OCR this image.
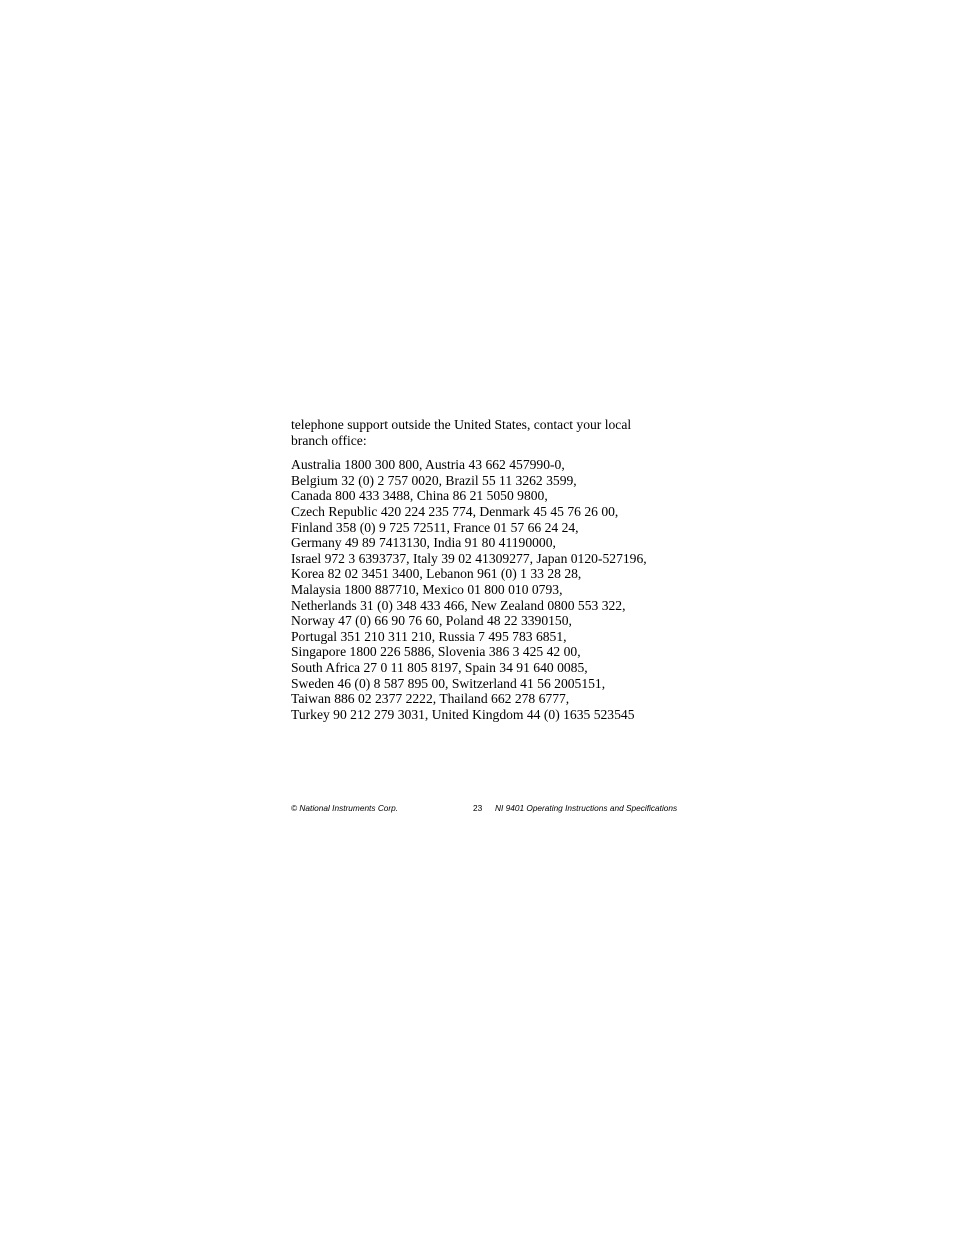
telephone support outside the United States, contact your local branch office:

Australia 1800 300 800, Austria 43 662 457990-0,
Belgium 32 (0) 2 757 0020, Brazil 55 11 3262 3599,
Canada 800 433 3488, China 86 21 5050 9800,
Czech Republic 420 224 235 774, Denmark 45 45 76 26 00,
Finland 358 (0) 9 725 72511, France 01 57 66 24 24,
Germany 49 89 7413130, India 91 80 41190000,
Israel 972 3 6393737, Italy 39 02 41309277, Japan 0120-527196,
Korea 82 02 3451 3400, Lebanon 961 (0) 1 33 28 28,
Malaysia 1800 887710, Mexico 01 800 010 0793,
Netherlands 31 (0) 348 433 466, New Zealand 0800 553 322,
Norway 47 (0) 66 90 76 60, Poland 48 22 3390150,
Portugal 351 210 311 210, Russia 7 495 783 6851,
Singapore 1800 226 5886, Slovenia 386 3 425 42 00,
South Africa 27 0 11 805 8197, Spain 34 91 640 0085,
Sweden 46 (0) 8 587 895 00, Switzerland 41 56 2005151,
Taiwan 886 02 2377 2222, Thailand 662 278 6777,
Turkey 90 212 279 3031, United Kingdom 44 (0) 1635 523545
© National Instruments Corp.	23 NI 9401 Operating Instructions and Specifications
